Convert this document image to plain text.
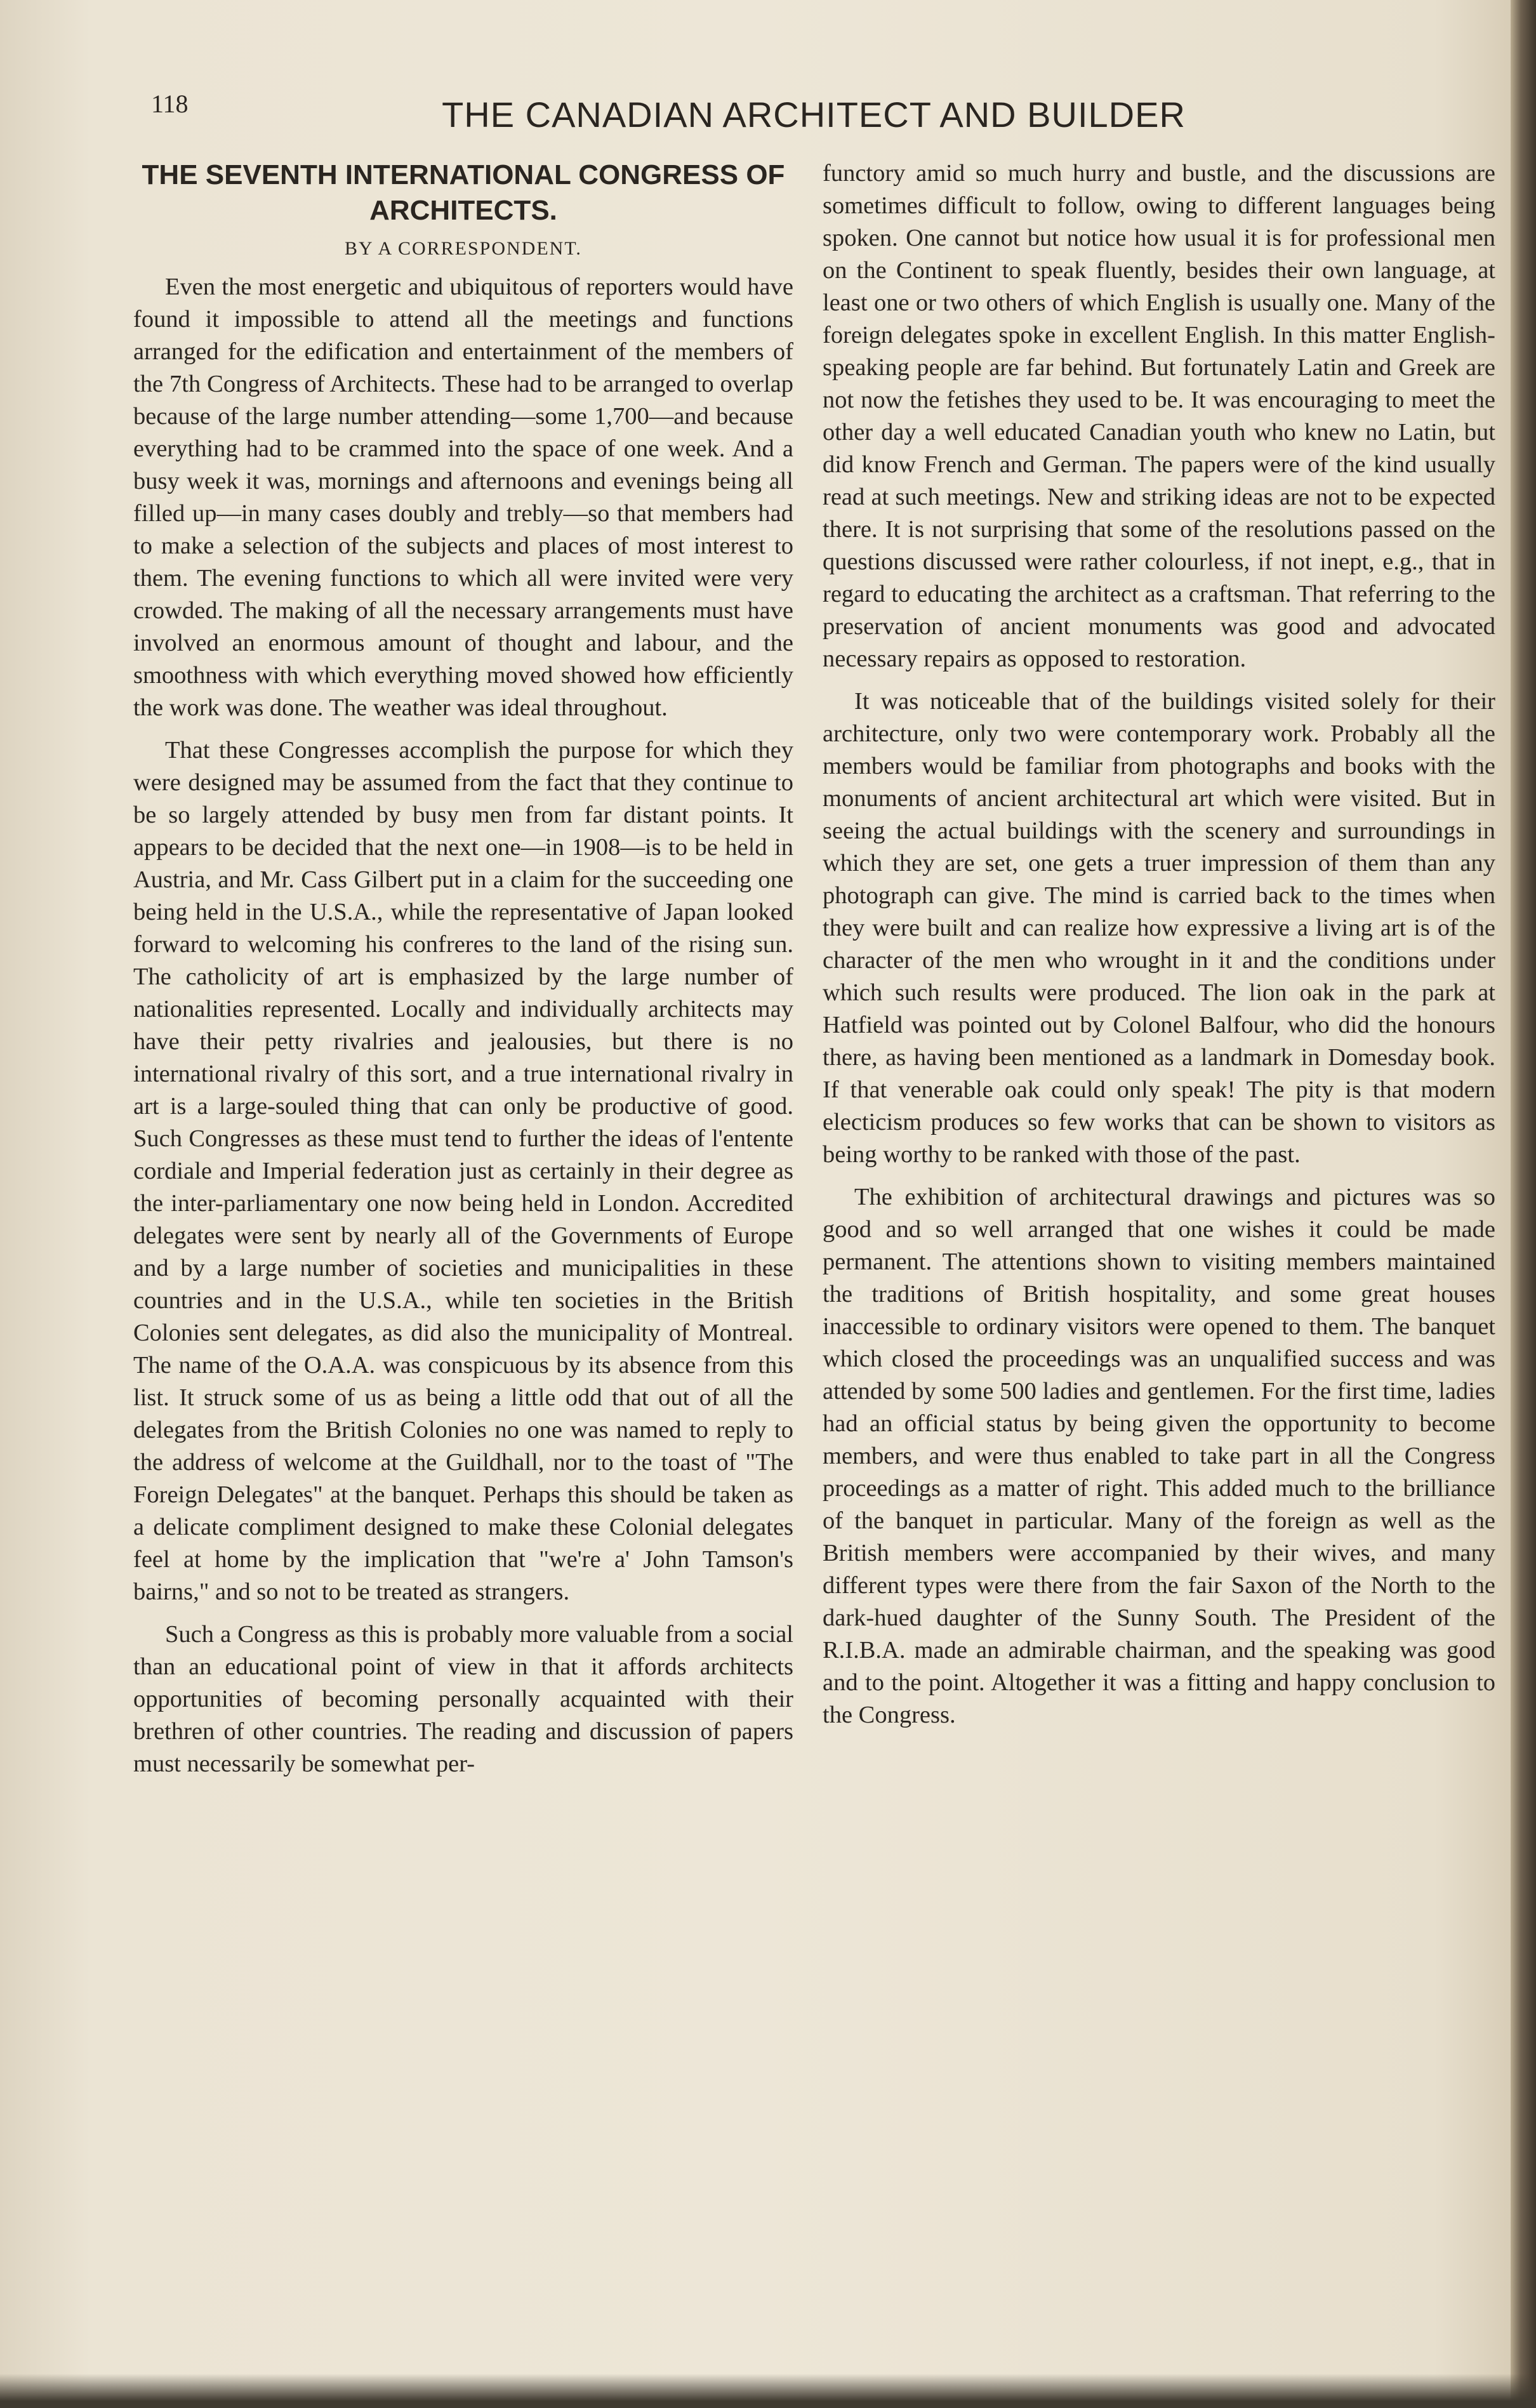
118	THE CANADIAN ARCHITECT AND BUILDER
THE SEVENTH INTERNATIONAL CONGRESS OF ARCHITECTS.
BY A CORRESPONDENT.

Even the most energetic and ubiquitous of reporters would have found it impossible to attend all the meetings and functions arranged for the edification and entertainment of the members of the 7th Congress of Architects. These had to be arranged to overlap because of the large number attending—some 1,700—and because everything had to be crammed into the space of one week. And a busy week it was, mornings and afternoons and evenings being all filled up—in many cases doubly and trebly—so that members had to make a selection of the subjects and places of most interest to them. The evening functions to which all were invited were very crowded. The making of all the necessary arrangements must have involved an enormous amount of thought and labour, and the smoothness with which everything moved showed how efficiently the work was done. The weather was ideal throughout.

That these Congresses accomplish the purpose for which they were designed may be assumed from the fact that they continue to be so largely attended by busy men from far distant points. It appears to be decided that the next one—in 1908—is to be held in Austria, and Mr. Cass Gilbert put in a claim for the succeeding one being held in the U.S.A., while the representative of Japan looked forward to welcoming his confreres to the land of the rising sun. The catholicity of art is emphasized by the large number of nationalities represented. Locally and individually architects may have their petty rivalries and jealousies, but there is no international rivalry of this sort, and a true international rivalry in art is a large-souled thing that can only be productive of good. Such Congresses as these must tend to further the ideas of l'entente cordiale and Imperial federation just as certainly in their degree as the inter-parliamentary one now being held in London. Accredited delegates were sent by nearly all of the Governments of Europe and by a large number of societies and municipalities in these countries and in the U.S.A., while ten societies in the British Colonies sent delegates, as did also the municipality of Montreal. The name of the O.A.A. was conspicuous by its absence from this list. It struck some of us as being a little odd that out of all the delegates from the British Colonies no one was named to reply to the address of welcome at the Guildhall, nor to the toast of "The Foreign Delegates" at the banquet. Perhaps this should be taken as a delicate compliment designed to make these Colonial delegates feel at home by the implication that "we're a' John Tamson's bairns," and so not to be treated as strangers.

Such a Congress as this is probably more valuable from a social than an educational point of view in that it affords architects opportunities of becoming personally acquainted with their brethren of other countries. The reading and discussion of papers must necessarily be somewhat per-

functory amid so much hurry and bustle, and the discussions are sometimes difficult to follow, owing to different languages being spoken. One cannot but notice how usual it is for professional men on the Continent to speak fluently, besides their own language, at least one or two others of which English is usually one. Many of the foreign delegates spoke in excellent English. In this matter English-speaking people are far behind. But fortunately Latin and Greek are not now the fetishes they used to be. It was encouraging to meet the other day a well educated Canadian youth who knew no Latin, but did know French and German. The papers were of the kind usually read at such meetings. New and striking ideas are not to be expected there. It is not surprising that some of the resolutions passed on the questions discussed were rather colourless, if not inept, e.g., that in regard to educating the architect as a craftsman. That referring to the preservation of ancient monuments was good and advocated necessary repairs as opposed to restoration.

It was noticeable that of the buildings visited solely for their architecture, only two were contemporary work. Probably all the members would be familiar from photographs and books with the monuments of ancient architectural art which were visited. But in seeing the actual buildings with the scenery and surroundings in which they are set, one gets a truer impression of them than any photograph can give. The mind is carried back to the times when they were built and can realize how expressive a living art is of the character of the men who wrought in it and the conditions under which such results were produced. The lion oak in the park at Hatfield was pointed out by Colonel Balfour, who did the honours there, as having been mentioned as a landmark in Domesday book. If that venerable oak could only speak! The pity is that modern electicism produces so few works that can be shown to visitors as being worthy to be ranked with those of the past.

The exhibition of architectural drawings and pictures was so good and so well arranged that one wishes it could be made permanent. The attentions shown to visiting members maintained the traditions of British hospitality, and some great houses inaccessible to ordinary visitors were opened to them. The banquet which closed the proceedings was an unqualified success and was attended by some 500 ladies and gentlemen. For the first time, ladies had an official status by being given the opportunity to become members, and were thus enabled to take part in all the Congress proceedings as a matter of right. This added much to the brilliance of the banquet in particular. Many of the foreign as well as the British members were accompanied by their wives, and many different types were there from the fair Saxon of the North to the dark-hued daughter of the Sunny South. The President of the R.I.B.A. made an admirable chairman, and the speaking was good and to the point. Altogether it was a fitting and happy conclusion to the Congress.
